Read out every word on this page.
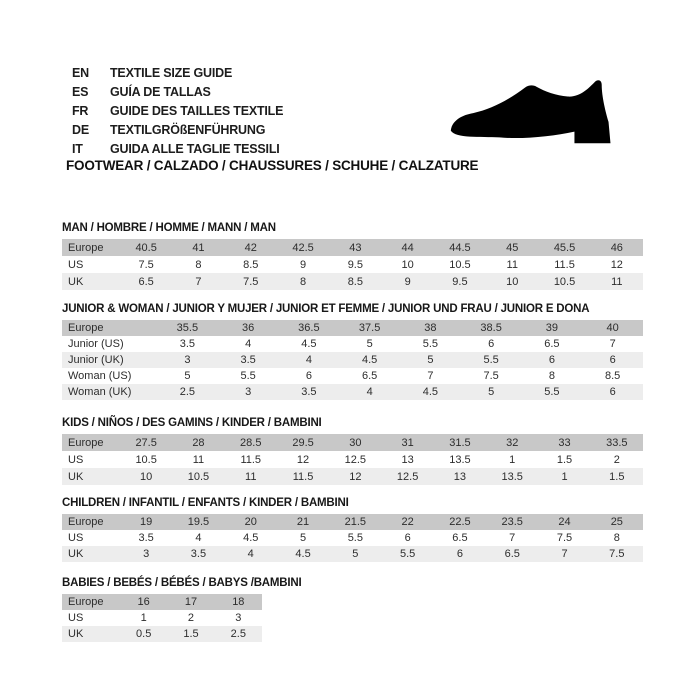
EN	TEXTILE SIZE GUIDE
ES	GUÍA DE TALLAS
FR	GUIDE DES TAILLES TEXTILE
DE	TEXTILGRÖßENFÜHRUNG
IT	GUIDA ALLE TAGLIE TESSILI
FOOTWEAR / CALZADO / CHAUSSURES / SCHUHE / CALZATURE
MAN / HOMBRE / HOMME / MANN / MAN
Europe	40.5	41	42	42.5	43	44	44.5	45	45.5	46
US	7.5	8	8.5	9	9.5	10	10.5	11	11.5	12
UK	6.5	7	7.5	8	8.5	9	9.5	10	10.5	11
JUNIOR & WOMAN / JUNIOR Y MUJER / JUNIOR ET FEMME / JUNIOR UND FRAU / JUNIOR E DONA
Europe	35.5	36	36.5	37.5	38	38.5	39	40
Junior (US)	3.5	4	4.5	5	5.5	6	6.5	7
Junior (UK)	3	3.5	4	4.5	5	5.5	6	6
Woman (US)	5	5.5	6	6.5	7	7.5	8	8.5
Woman (UK)	2.5	3	3.5	4	4.5	5	5.5	6
KIDS / NIÑOS / DES GAMINS / KINDER / BAMBINI
Europe	27.5	28	28.5	29.5	30	31	31.5	32	33	33.5
US	10.5	11	11.5	12	12.5	13	13.5	1	1.5	2
UK	10	10.5	11	11.5	12	12.5	13	13.5	1	1.5
CHILDREN / INFANTIL / ENFANTS / KINDER / BAMBINI
Europe	19	19.5	20	21	21.5	22	22.5	23.5	24	25
US	3.5	4	4.5	5	5.5	6	6.5	7	7.5	8
UK	3	3.5	4	4.5	5	5.5	6	6.5	7	7.5
BABIES / BEBÉS / BÉBÉS / BABYS /BAMBINI
Europe	16	17	18
US	1	2	3
UK	0.5	1.5	2.5
